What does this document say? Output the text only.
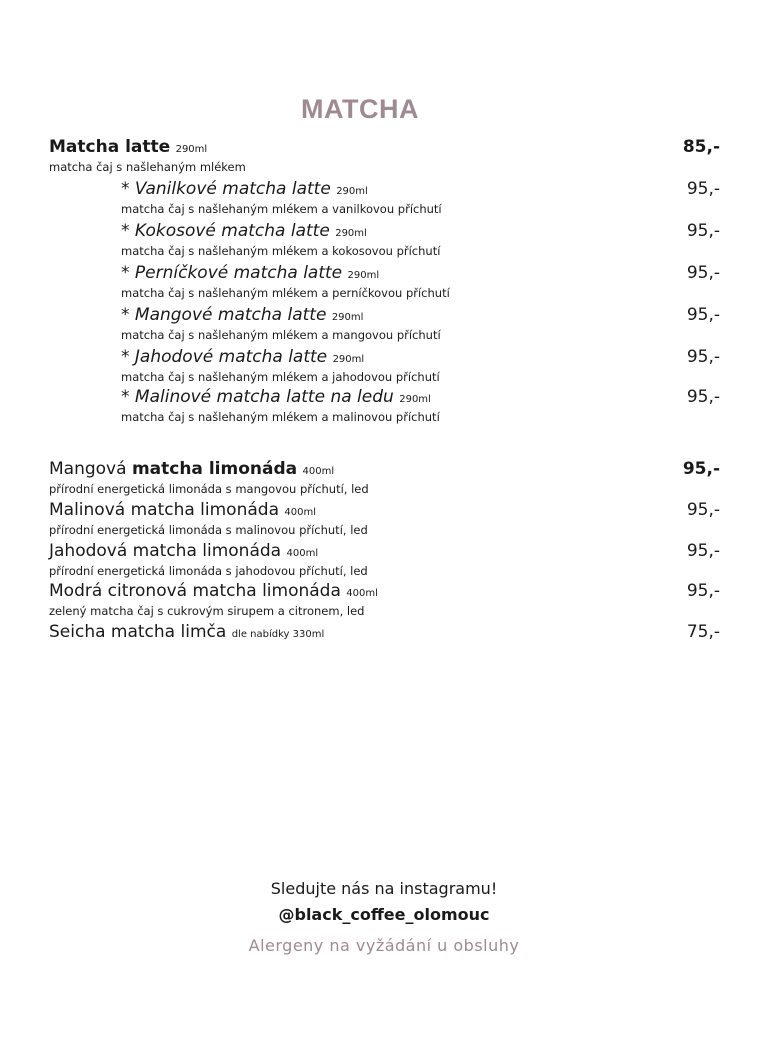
MATCHA
Matcha latte 290ml
matcha čaj s našlehaným mlékem
85,-
* Vanilkové matcha latte 290ml
matcha čaj s našlehaným mlékem a vanilkovou příchutí
95,-
* Kokosové matcha latte 290ml
matcha čaj s našlehaným mlékem a kokosovou příchutí
95,-
* Perníčkové matcha latte 290ml
matcha čaj s našlehaným mlékem a perníčkovou příchutí
95,-
* Mangové matcha latte 290ml
matcha čaj s našlehaným mlékem a mangovou příchutí
95,-
* Jahodové matcha latte 290ml
matcha čaj s našlehaným mlékem a jahodovou příchutí
95,-
* Malinové matcha latte na ledu 290ml
matcha čaj s našlehaným mlékem a malinovou příchutí
95,-
Mangová matcha limonáda 400ml
přírodní energetická limonáda s mangovou příchutí, led
95,-
Malinová matcha limonáda 400ml
přírodní energetická limonáda s malinovou příchutí, led
95,-
Jahodová matcha limonáda 400ml
přírodní energetická limonáda s jahodovou příchutí, led
95,-
Modrá citronová matcha limonáda 400ml
zelený matcha čaj s cukrovým sirupem a citronem, led
95,-
Seicha matcha limča dle nabídky 330ml	75,-
Sledujte nás na instagramu!
@black_coffee_olomouc
Alergeny na vyžádání u obsluhy
